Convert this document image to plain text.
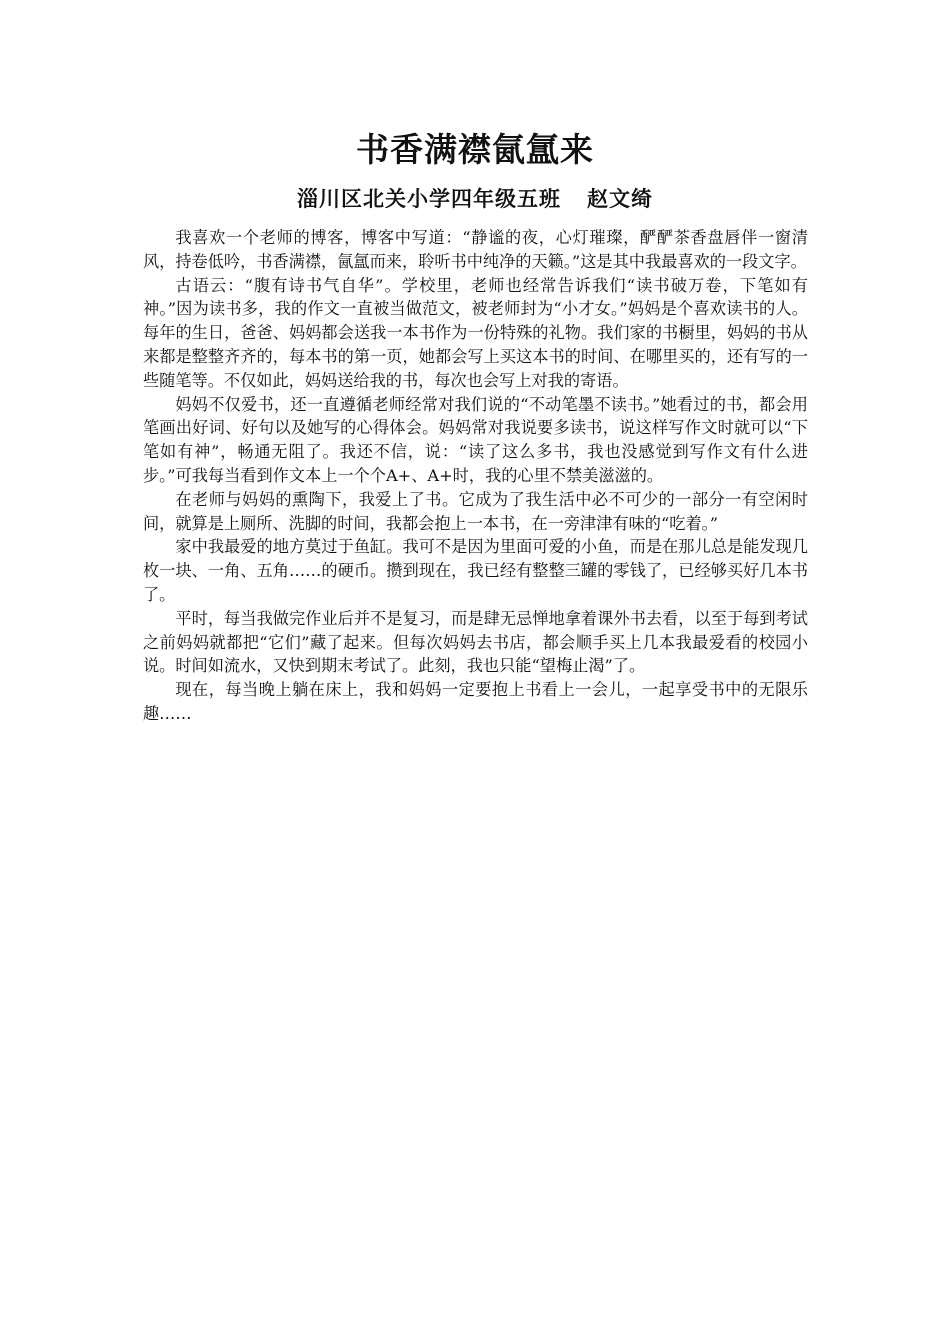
书香满襟氤氲来
淄川区北关小学四年级五班 赵文绮

我喜欢一个老师的博客，博客中写道：“静谧的夜，心灯璀璨，酽酽茶香盘唇伴一窗清风，持卷低吟，书香满襟，氤氲而来，聆听书中纯净的天籁。”这是其中我最喜欢的一段文字。

古语云：“腹有诗书气自华”。学校里，老师也经常告诉我们“读书破万卷，下笔如有神。”因为读书多，我的作文一直被当做范文，被老师封为“小才女。”妈妈是个喜欢读书的人。每年的生日，爸爸、妈妈都会送我一本书作为一份特殊的礼物。我们家的书橱里，妈妈的书从来都是整整齐齐的，每本书的第一页，她都会写上买这本书的时间、在哪里买的，还有写的一些随笔等。不仅如此，妈妈送给我的书，每次也会写上对我的寄语。

妈妈不仅爱书，还一直遵循老师经常对我们说的“不动笔墨不读书。”她看过的书，都会用笔画出好词、好句以及她写的心得体会。妈妈常对我说要多读书，说这样写作文时就可以“下笔如有神”，畅通无阻了。我还不信，说：“读了这么多书，我也没感觉到写作文有什么进步。”可我每当看到作文本上一个个A+、A+时，我的心里不禁美滋滋的。

在老师与妈妈的熏陶下，我爱上了书。它成为了我生活中必不可少的一部分一有空闲时间，就算是上厕所、洗脚的时间，我都会抱上一本书，在一旁津津有味的“吃着。”

家中我最爱的地方莫过于鱼缸。我可不是因为里面可爱的小鱼，而是在那儿总是能发现几枚一块、一角、五角……的硬币。攒到现在，我已经有整整三罐的零钱了，已经够买好几本书了。

平时，每当我做完作业后并不是复习，而是肆无忌惮地拿着课外书去看，以至于每到考试之前妈妈就都把“它们”藏了起来。但每次妈妈去书店，都会顺手买上几本我最爱看的校园小说。时间如流水，又快到期末考试了。此刻，我也只能“望梅止渴”了。

现在，每当晚上躺在床上，我和妈妈一定要抱上书看上一会儿，一起享受书中的无限乐趣……
